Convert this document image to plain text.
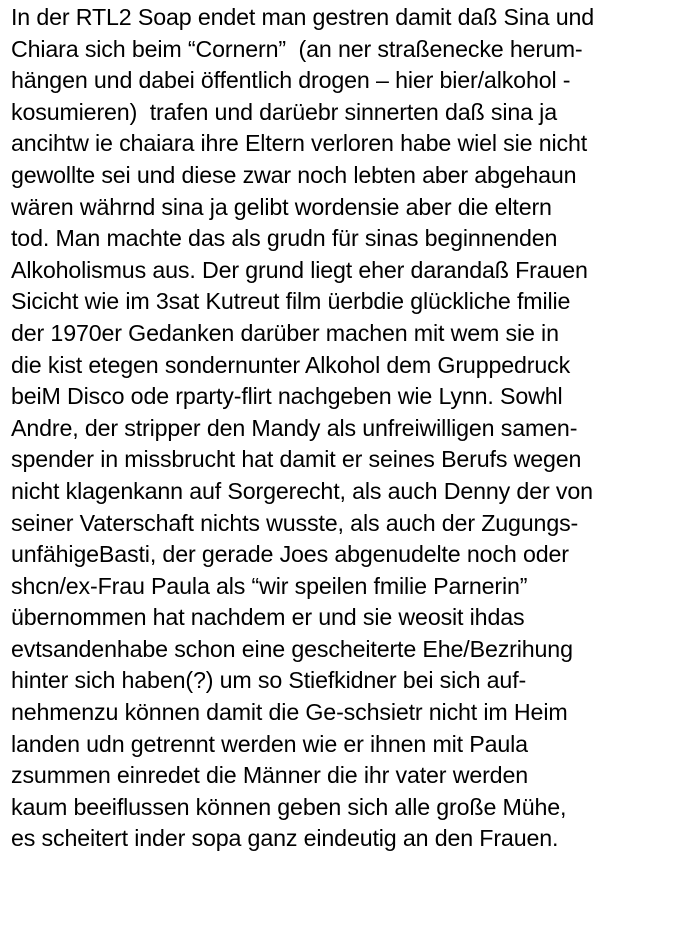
In der RTL2 Soap endet man gestren damit daß Sina und
Chiara sich beim “Cornern”  (an ner straßenecke herum-
hängen und dabei öffentlich drogen – hier bier/alkohol -
kosumieren)  trafen und darüebr sinnerten daß sina ja
ancihtw ie chaiara ihre Eltern verloren habe wiel sie nicht
gewollte sei und diese zwar noch lebten aber abgehaun
wären währnd sina ja gelibt wordensie aber die eltern
tod. Man machte das als grudn für sinas beginnenden
Alkoholismus aus. Der grund liegt eher darandaß Frauen
Sicicht wie im 3sat Kutreut film üerbdie glückliche fmilie
der 1970er Gedanken darüber machen mit wem sie in
die kist etegen sondernunter Alkohol dem Gruppedruck
beiM Disco ode rparty-flirt nachgeben wie Lynn. Sowhl
Andre, der stripper den Mandy als unfreiwilligen samen-
spender in missbrucht hat damit er seines Berufs wegen
nicht klagenkann auf Sorgerecht, als auch Denny der von
seiner Vaterschaft nichts wusste, als auch der Zugungs-
unfähigeBasti, der gerade Joes abgenudelte noch oder
shcn/ex-Frau Paula als “wir speilen fmilie Parnerin”
übernommen hat nachdem er und sie weosit ihdas
evtsandenhabe schon eine gescheiterte Ehe/Bezrihung
hinter sich haben(?) um so Stiefkidner bei sich auf-
nehmenzu können damit die Ge-schsietr nicht im Heim
landen udn getrennt werden wie er ihnen mit Paula
zsummen einredet die Männer die ihr vater werden
kaum beeiflussen können geben sich alle große Mühe,
es scheitert inder sopa ganz eindeutig an den Frauen.
